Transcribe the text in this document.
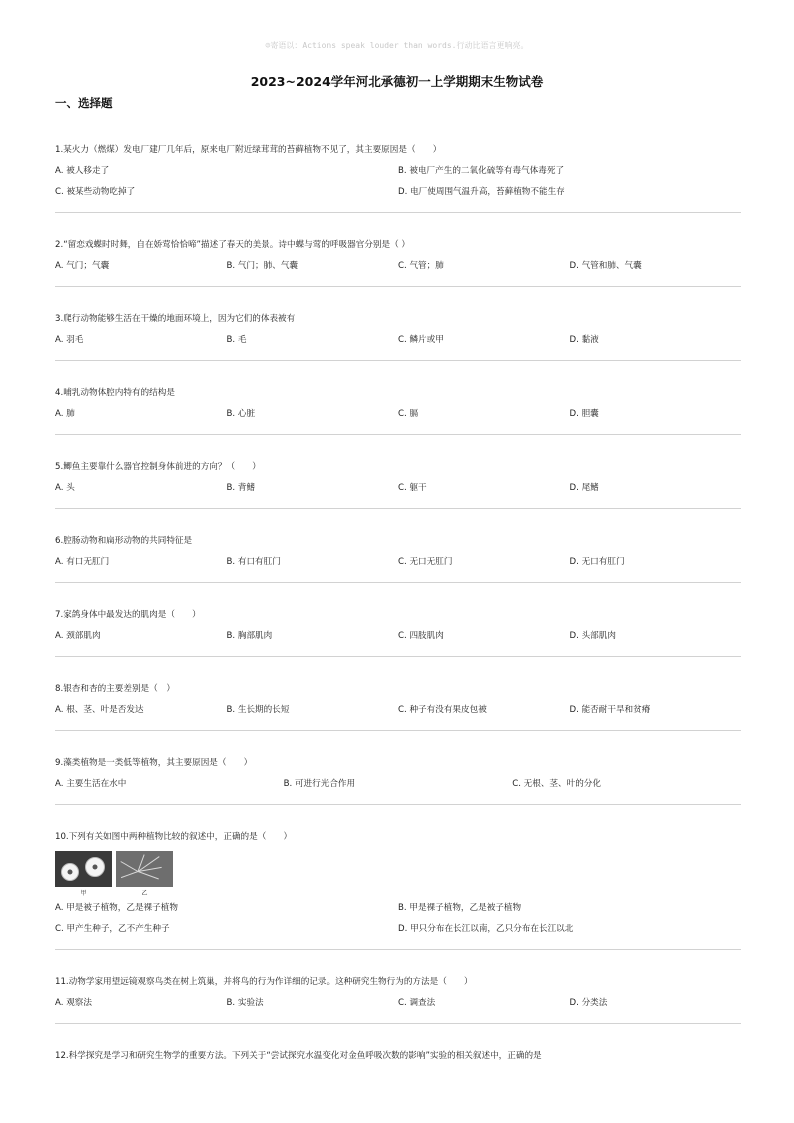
☺寄语以：Actions speak louder than words.行动比语言更响亮。
2023~2024学年河北承德初一上学期期末生物试卷
一、选择题
1.某火力（燃煤）发电厂建厂几年后，原来电厂附近绿茸茸的苔藓植物不见了，其主要原因是（　　）
A. 被人移走了	B. 被电厂产生的二氧化硫等有毒气体毒死了
C. 被某些动物吃掉了	D. 电厂使周围气温升高，苔藓植物不能生存
2.“留恋戏蝶时时舞，自在娇莺恰恰啼”描述了春天的美景。诗中蝶与莺的呼吸器官分别是（ ）
A. 气门；气囊	B. 气门；肺、气囊	C. 气管；肺	D. 气管和肺、气囊
3.爬行动物能够生活在干燥的地面环境上，因为它们的体表被有
A. 羽毛	B. 毛	C. 鳞片或甲	D. 黏液
4.哺乳动物体腔内特有的结构是
A. 肺	B. 心脏	C. 膈	D. 胆囊
5.鲫鱼主要靠什么器官控制身体前进的方向？（　　）
A. 头	B. 背鳍	C. 躯干	D. 尾鳍
6.腔肠动物和扁形动物的共同特征是
A. 有口无肛门	B. 有口有肛门	C. 无口无肛门	D. 无口有肛门
7.家鸽身体中最发达的肌肉是（　　）
A. 颈部肌肉	B. 胸部肌肉	C. 四肢肌肉	D. 头部肌肉
8.银杏和杏的主要差别是（　）
A. 根、茎、叶是否发达	B. 生长期的长短	C. 种子有没有果皮包被	D. 能否耐干旱和贫瘠
9.藻类植物是一类低等植物，其主要原因是（　　）
A. 主要生活在水中	B. 可进行光合作用	C. 无根、茎、叶的分化
10.下列有关如图中两种植物比较的叙述中，正确的是（　　）
甲	乙
A. 甲是被子植物，乙是裸子植物	B. 甲是裸子植物，乙是被子植物
C. 甲产生种子，乙不产生种子	D. 甲只分布在长江以南，乙只分布在长江以北
11.动物学家用望远镜观察鸟类在树上筑巢，并将鸟的行为作详细的记录。这种研究生物行为的方法是（　　）
A. 观察法	B. 实验法	C. 调查法	D. 分类法
12.科学探究是学习和研究生物学的重要方法。下列关于“尝试探究水温变化对金鱼呼吸次数的影响”实验的相关叙述中，正确的是
